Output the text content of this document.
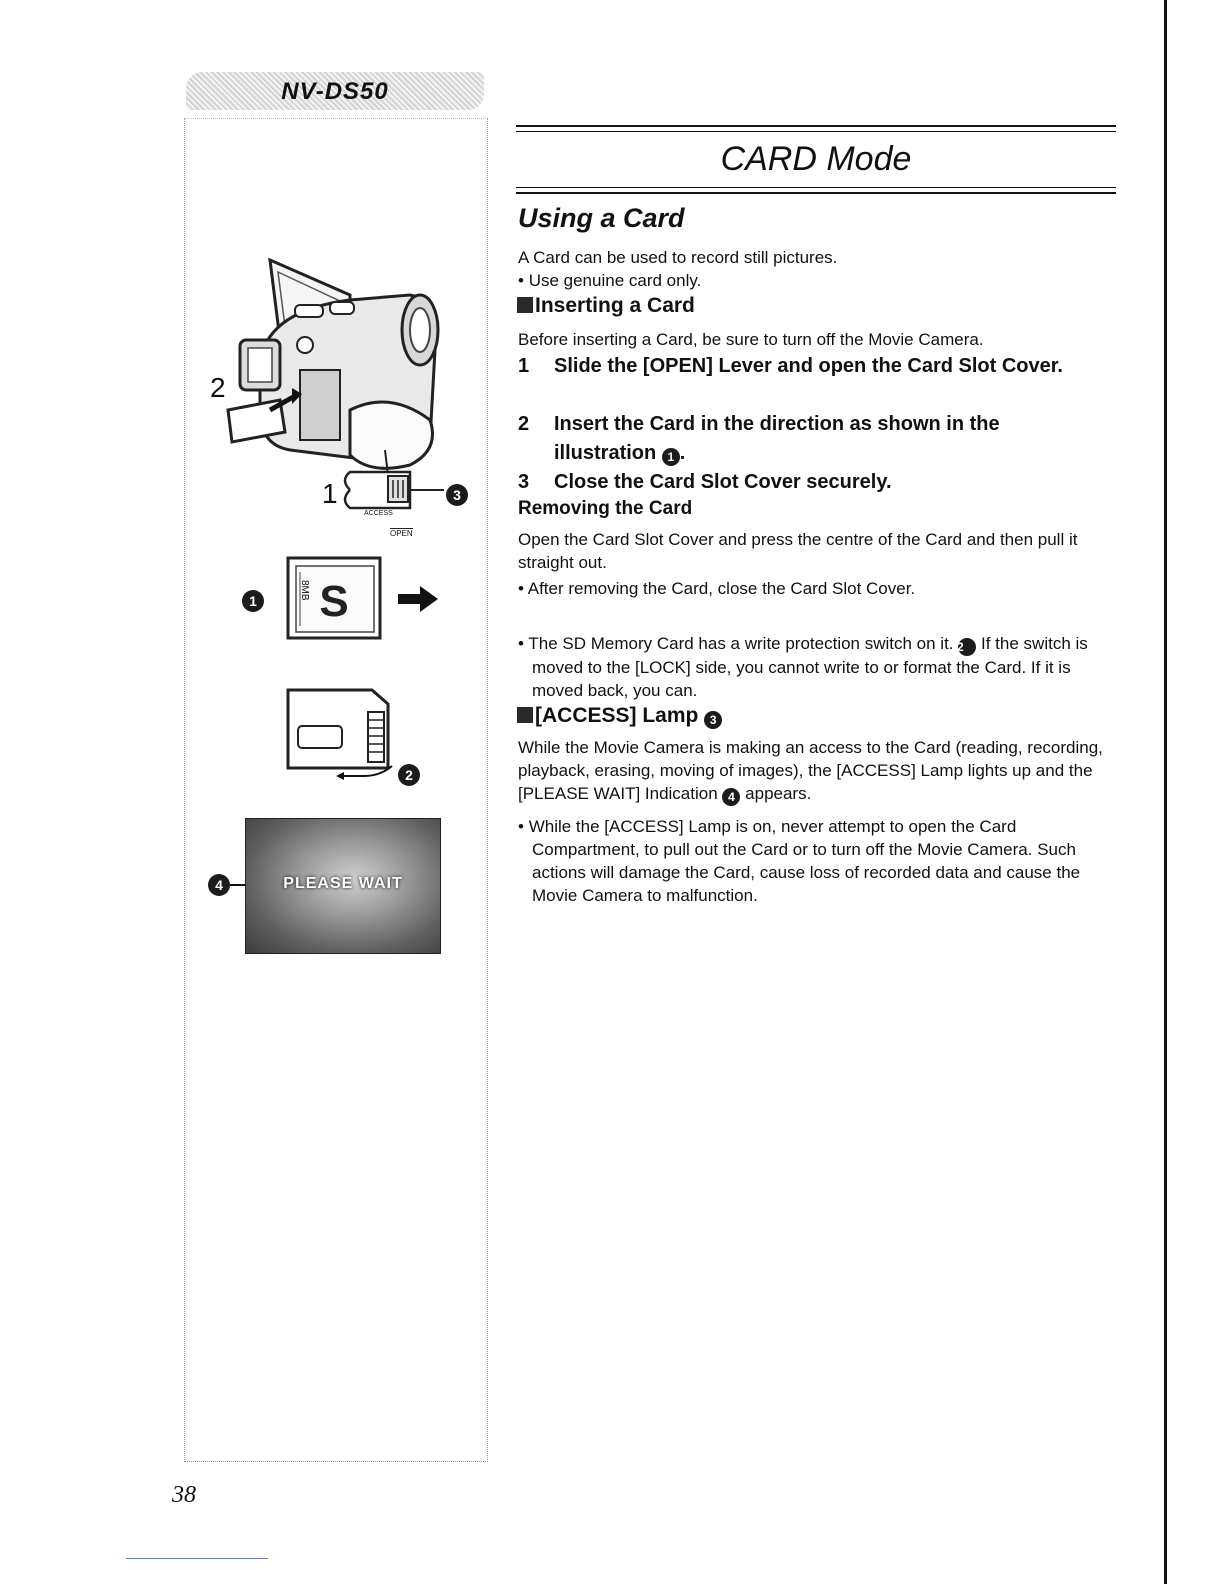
NV-DS50
2
1	3
ACCESS
OPEN
1 S
8MB
2
4	PLEASE WAIT
CARD Mode
Using a Card
A Card can be used to record still pictures.
• Use genuine card only.
Inserting a Card
Before inserting a Card, be sure to turn off the Movie Camera.
1 Slide the [OPEN] Lever and open the Card Slot Cover.
2 Insert the Card in the direction as shown in the illustration 1 .
3 Close the Card Slot Cover securely.
Removing the Card
Open the Card Slot Cover and press the centre of the Card and then pull it straight out.
• After removing the Card, close the Card Slot Cover.
• The SD Memory Card has a write protection switch on it. 2 If the switch is moved to the [LOCK] side, you cannot write to or format the Card. If it is moved back, you can.
[ACCESS] Lamp 3
While the Movie Camera is making an access to the Card (reading, recording, playback, erasing, moving of images), the [ACCESS] Lamp lights up and the [PLEASE WAIT] Indication 4 appears.
• While the [ACCESS] Lamp is on, never attempt to open the Card Compartment, to pull out the Card or to turn off the Movie Camera. Such actions will damage the Card, cause loss of recorded data and cause the Movie Camera to malfunction.
38
